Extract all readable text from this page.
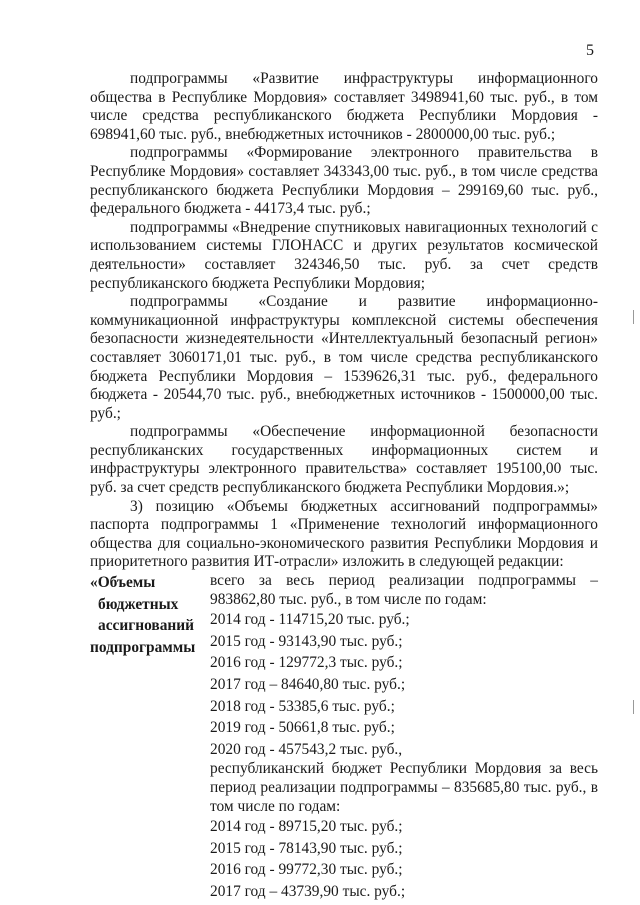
5

подпрограммы «Развитие инфраструктуры информационного общества в Республике Мордовия» составляет 3498941,60 тыс. руб., в том числе средства республиканского бюджета Республики Мордовия - 698941,60 тыс. руб., внебюджетных источников - 2800000,00 тыс. руб.;

подпрограммы «Формирование электронного правительства в Республике Мордовия» составляет 343343,00 тыс. руб., в том числе средства республиканского бюджета Республики Мордовия – 299169,60 тыс. руб., федерального бюджета - 44173,4 тыс. руб.;

подпрограммы «Внедрение спутниковых навигационных технологий с использованием системы ГЛОНАСС и других результатов космической деятельности» составляет 324346,50 тыс. руб. за счет средств республиканского бюджета Республики Мордовия;

подпрограммы «Создание и развитие информационно-коммуникационной инфраструктуры комплексной системы обеспечения безопасности жизнедеятельности «Интеллектуальный безопасный регион» составляет 3060171,01 тыс. руб., в том числе средства республиканского бюджета Республики Мордовия – 1539626,31 тыс. руб., федерального бюджета - 20544,70 тыс. руб., внебюджетных источников - 1500000,00 тыс. руб.;

подпрограммы «Обеспечение информационной безопасности республиканских государственных информационных систем и инфраструктуры электронного правительства» составляет 195100,00 тыс. руб. за счет средств республиканского бюджета Республики Мордовия.»;

3) позицию «Объемы бюджетных ассигнований подпрограммы» паспорта подпрограммы 1 «Применение технологий информационного общества для социально-экономического развития Республики Мордовия и приоритетного развития ИТ-отрасли» изложить в следующей редакции:

«Объемы
бюджетных
ассигнований
подпрограммы

всего за весь период реализации подпрограммы – 983862,80 тыс. руб., в том числе по годам:

2014 год - 114715,20 тыс. руб.;

2015 год - 93143,90 тыс. руб.;

2016 год - 129772,3 тыс. руб.;

2017 год – 84640,80 тыс. руб.;

2018 год - 53385,6 тыс. руб.;

2019 год - 50661,8 тыс. руб.;

2020 год - 457543,2 тыс. руб.,

республиканский бюджет Республики Мордовия за весь период реализации подпрограммы – 835685,80 тыс. руб., в том числе по годам:

2014 год - 89715,20 тыс. руб.;

2015 год - 78143,90 тыс. руб.;

2016 год - 99772,30 тыс. руб.;

2017 год – 43739,90 тыс. руб.;
